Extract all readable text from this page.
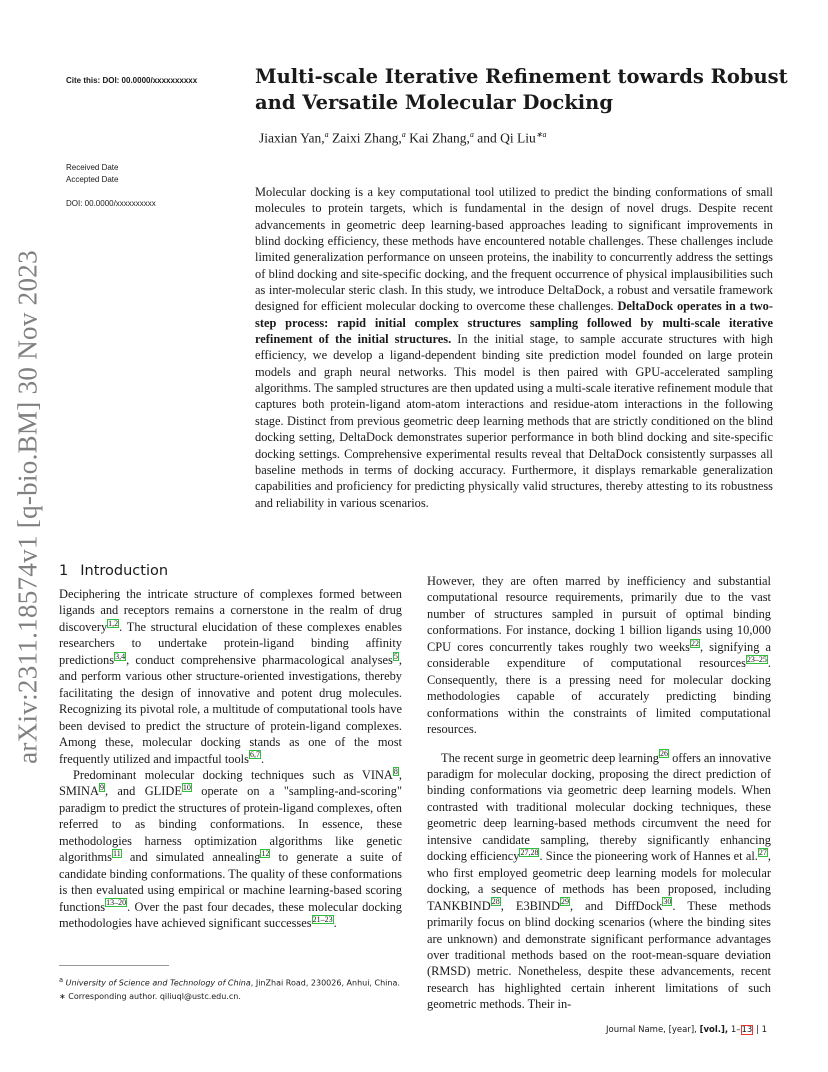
arXiv:2311.18574v1 [q-bio.BM] 30 Nov 2023
Cite this: DOI: 00.0000/xxxxxxxxxx
Received Date
Accepted Date
DOI: 00.0000/xxxxxxxxxx
Multi-scale Iterative Refinement towards Robust and Versatile Molecular Docking
Jiaxian Yan,$^a$ Zaixi Zhang,$^a$ Kai Zhang,$^a$ and Qi Liu$^{∗a}$

Molecular docking is a key computational tool utilized to predict the binding conformations of small molecules to protein targets, which is fundamental in the design of novel drugs. Despite recent advancements in geometric deep learning-based approaches leading to significant improvements in blind docking efficiency, these methods have encountered notable challenges. These challenges include limited generalization performance on unseen proteins, the inability to concurrently address the settings of blind docking and site-specific docking, and the frequent occurrence of physical implausibilities such as inter-molecular steric clash. In this study, we introduce DeltaDock, a robust and versatile framework designed for efficient molecular docking to overcome these challenges. DeltaDock operates in a two-step process: rapid initial complex structures sampling followed by multi-scale iterative refinement of the initial structures. In the initial stage, to sample accurate structures with high efficiency, we develop a ligand-dependent binding site prediction model founded on large protein models and graph neural networks. This model is then paired with GPU-accelerated sampling algorithms. The sampled structures are then updated using a multi-scale iterative refinement module that captures both protein-ligand atom-atom interactions and residue-atom interactions in the following stage. Distinct from previous geometric deep learning methods that are strictly conditioned on the blind docking setting, DeltaDock demonstrates superior performance in both blind docking and site-specific docking settings. Comprehensive experimental results reveal that DeltaDock consistently surpasses all baseline methods in terms of docking accuracy. Furthermore, it displays remarkable generalization capabilities and proficiency for predicting physically valid structures, thereby attesting to its robustness and reliability in various scenarios.

1 Introduction

Deciphering the intricate structure of complexes formed between ligands and receptors remains a cornerstone in the realm of drug discovery$^{1,2}$. The structural elucidation of these complexes enables researchers to undertake protein-ligand binding affinity predictions$^{3,4}$, conduct comprehensive pharmacological analyses$^5$, and perform various other structure-oriented investigations, thereby facilitating the design of innovative and potent drug molecules. Recognizing its pivotal role, a multitude of computational tools have been devised to predict the structure of protein-ligand complexes. Among these, molecular docking stands as one of the most frequently utilized and impactful tools$^{6,7}$.

Predominant molecular docking techniques such as VINA$^8$, SMINA$^9$, and GLIDE$^{10}$ operate on a "sampling-and-scoring" paradigm to predict the structures of protein-ligand complexes, often referred to as binding conformations. In essence, these methodologies harness optimization algorithms like genetic algorithms$^{11}$ and simulated annealing$^{12}$ to generate a suite of candidate binding conformations. The quality of these conformations is then evaluated using empirical or machine learning-based scoring functions$^{13-20}$. Over the past four decades, these molecular docking methodologies have achieved significant successes$^{21-23}$.

However, they are often marred by inefficiency and substantial computational resource requirements, primarily due to the vast number of structures sampled in pursuit of optimal binding conformations. For instance, docking 1 billion ligands using 10,000 CPU cores concurrently takes roughly two weeks$^{22}$, signifying a considerable expenditure of computational resources$^{23-25}$. Consequently, there is a pressing need for molecular docking methodologies capable of accurately predicting binding conformations within the constraints of limited computational resources.

The recent surge in geometric deep learning$^{26}$ offers an innovative paradigm for molecular docking, proposing the direct prediction of binding conformations via geometric deep learning models. When contrasted with traditional molecular docking techniques, these geometric deep learning-based methods circumvent the need for intensive candidate sampling, thereby significantly enhancing docking efficiency$^{27,28}$. Since the pioneering work of Hannes et al.$^{27}$, who first employed geometric deep learning models for molecular docking, a sequence of methods has been proposed, including TANKBIND$^{28}$, E3BIND$^{29}$, and DiffDock$^{30}$. These methods primarily focus on blind docking scenarios (where the binding sites are unknown) and demonstrate significant performance advantages over traditional methods based on the root-mean-square deviation (RMSD) metric. Nonetheless, despite these advancements, recent research has highlighted certain inherent limitations of such geometric methods. Their in-

$^a$ University of Science and Technology of China, JinZhai Road, 230026, Anhui, China.
∗ Corresponding author. qiliuql@ustc.edu.cn.
Journal Name, [year], [vol.], 1–13 | 1
